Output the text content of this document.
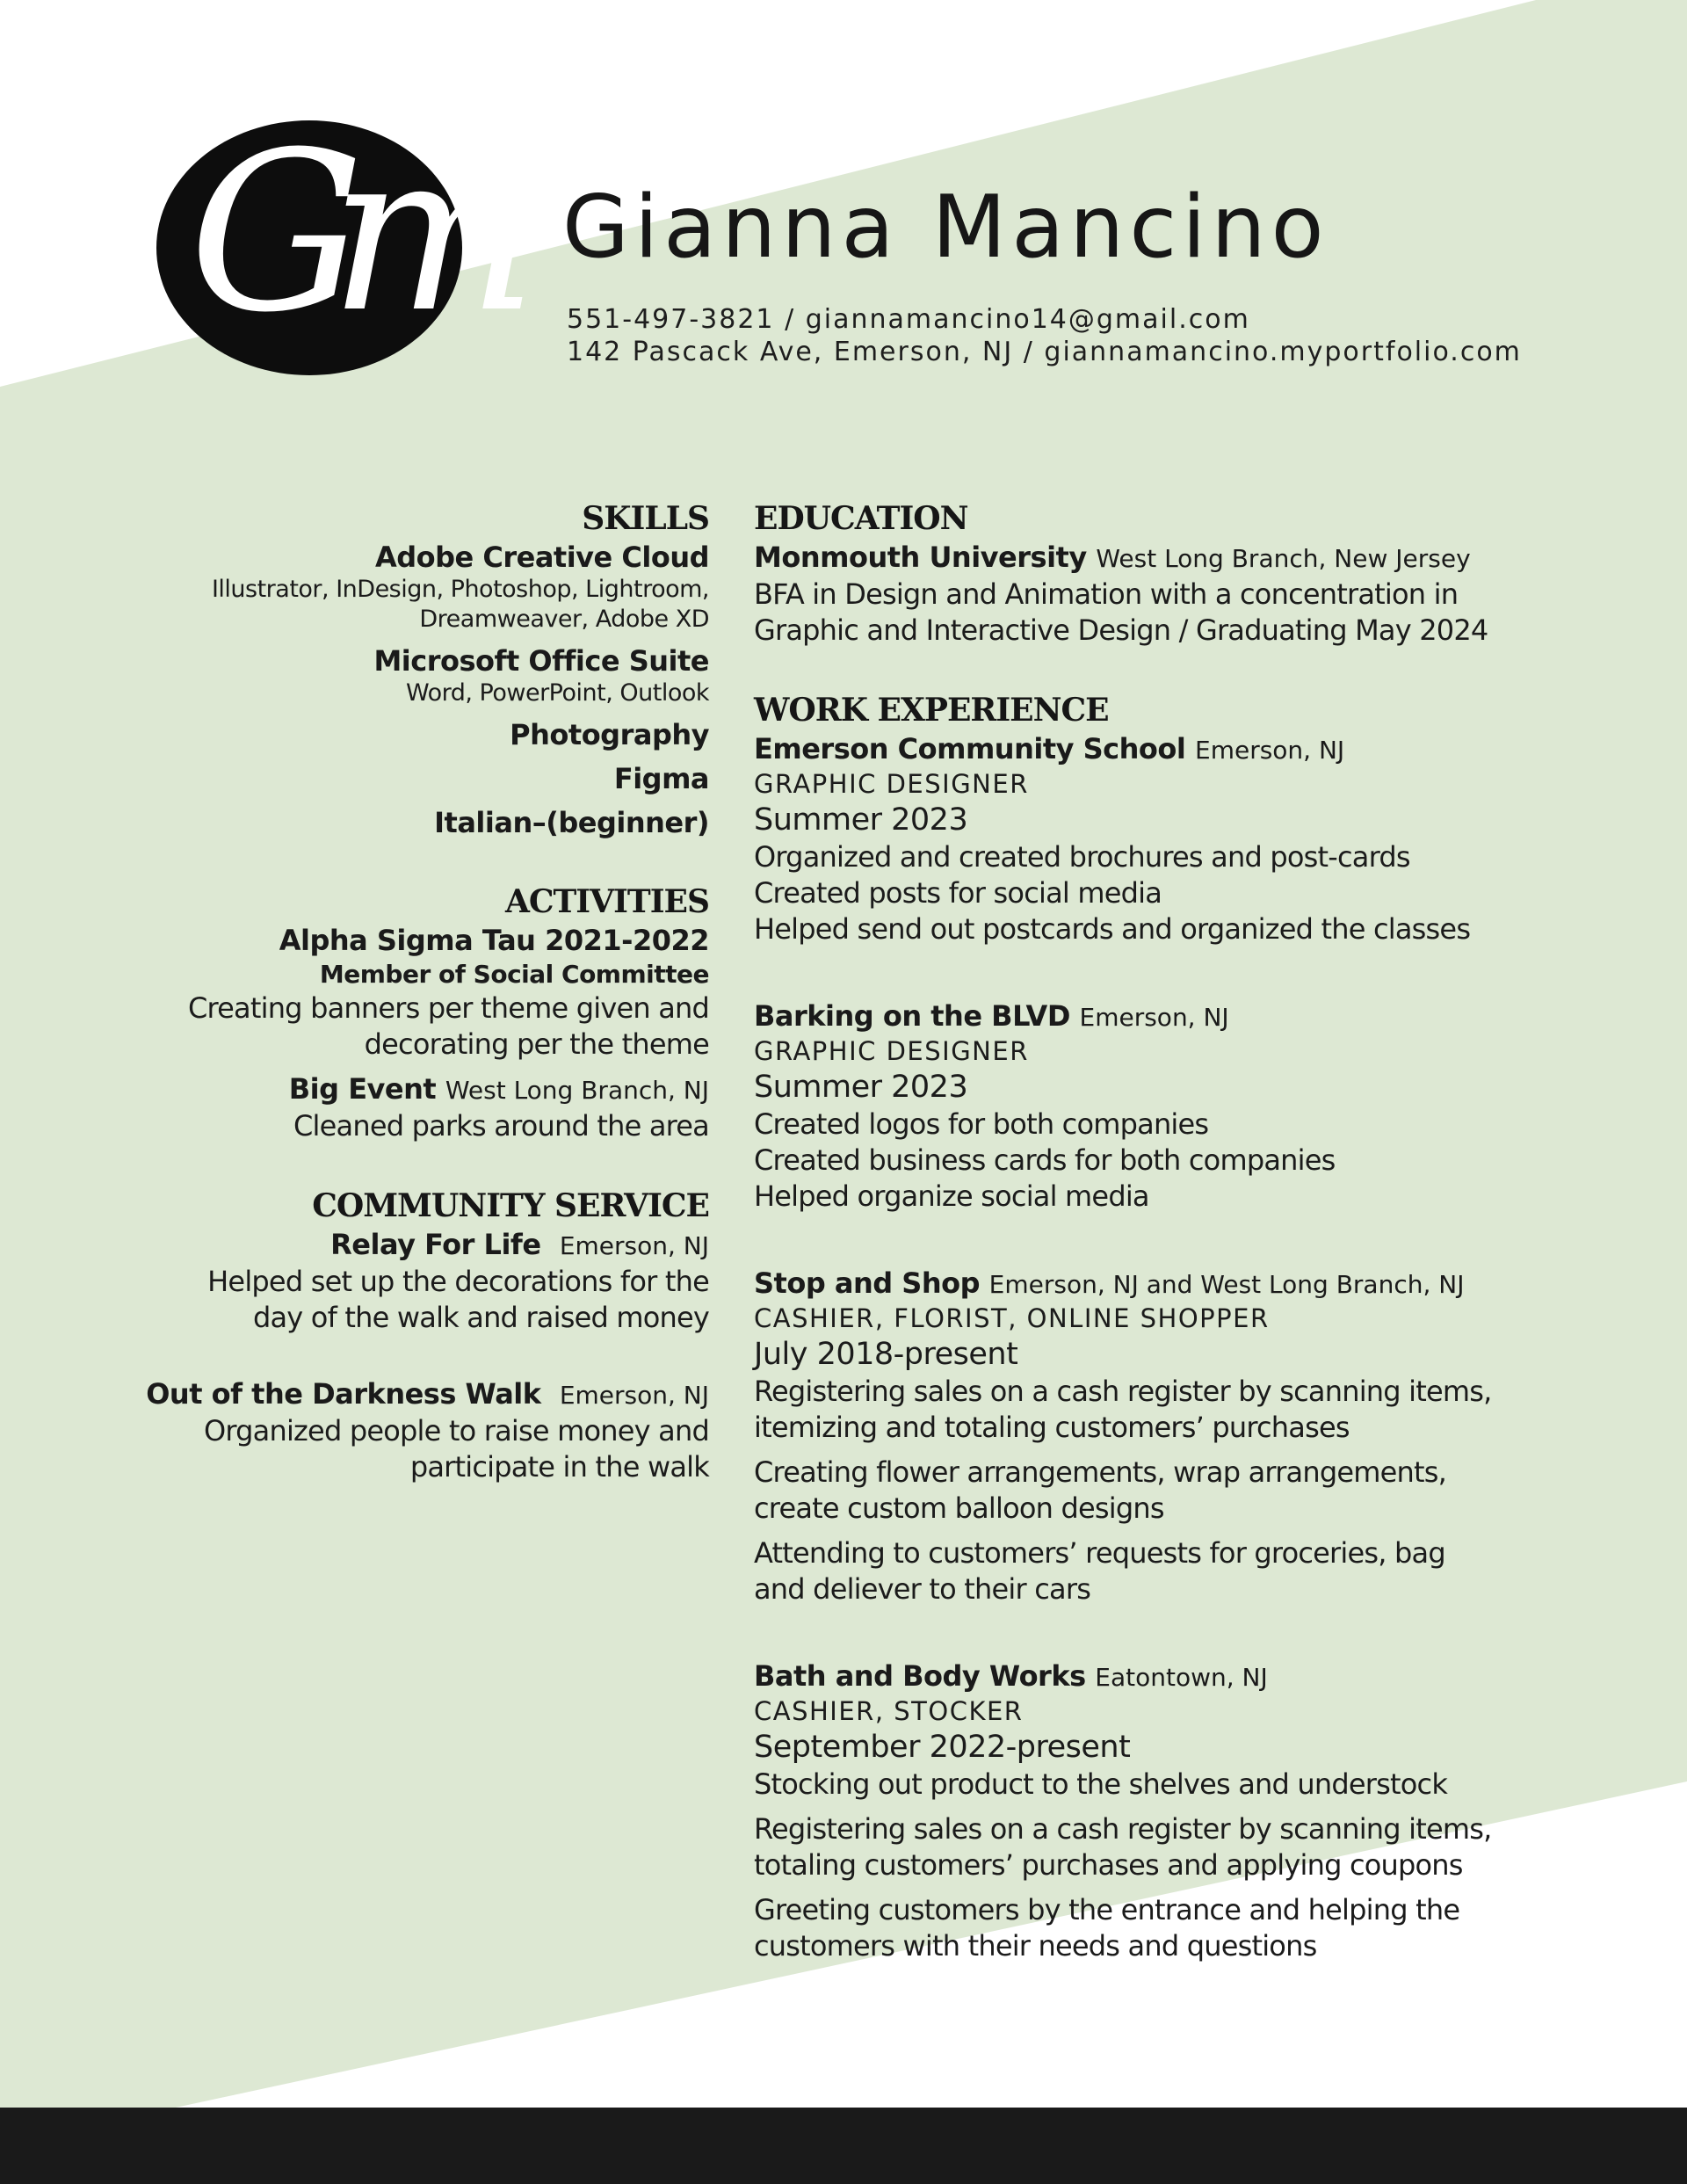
Gm Gianna Mancino
551-497-3821 / giannamancino14@gmail.com
142 Pascack Ave, Emerson, NJ / giannamancino.myportfolio.com
SKILLS
Adobe Creative Cloud
Illustrator, InDesign, Photoshop, Lightroom,
Dreamweaver, Adobe XD
Microsoft Office Suite
Word, PowerPoint, Outlook
Photography
Figma
Italian–(beginner)
ACTIVITIES
Alpha Sigma Tau 2021-2022
Member of Social Committee
Creating banners per theme given and
decorating per the theme
Big Event West Long Branch, NJ
Cleaned parks around the area
COMMUNITY SERVICE
Relay For Life Emerson, NJ
Helped set up the decorations for the
day of the walk and raised money
Out of the Darkness Walk Emerson, NJ
Organized people to raise money and
participate in the walk
EDUCATION
Monmouth University West Long Branch, New Jersey
BFA in Design and Animation with a concentration in
Graphic and Interactive Design / Graduating May 2024
WORK EXPERIENCE
Emerson Community School Emerson, NJ
GRAPHIC DESIGNER
Summer 2023
Organized and created brochures and post-cards
Created posts for social media
Helped send out postcards and organized the classes
Barking on the BLVD Emerson, NJ
GRAPHIC DESIGNER
Summer 2023
Created logos for both companies
Created business cards for both companies
Helped organize social media
Stop and Shop Emerson, NJ and West Long Branch, NJ
CASHIER, FLORIST, ONLINE SHOPPER
July 2018-present
Registering sales on a cash register by scanning items,
itemizing and totaling customers’ purchases
Creating flower arrangements, wrap arrangements,
create custom balloon designs
Attending to customers’ requests for groceries, bag
and deliever to their cars
Bath and Body Works Eatontown, NJ
CASHIER, STOCKER
September 2022-present
Stocking out product to the shelves and understock
Registering sales on a cash register by scanning items,
totaling customers’ purchases and applying coupons
Greeting customers by the entrance and helping the
customers with their needs and questions
